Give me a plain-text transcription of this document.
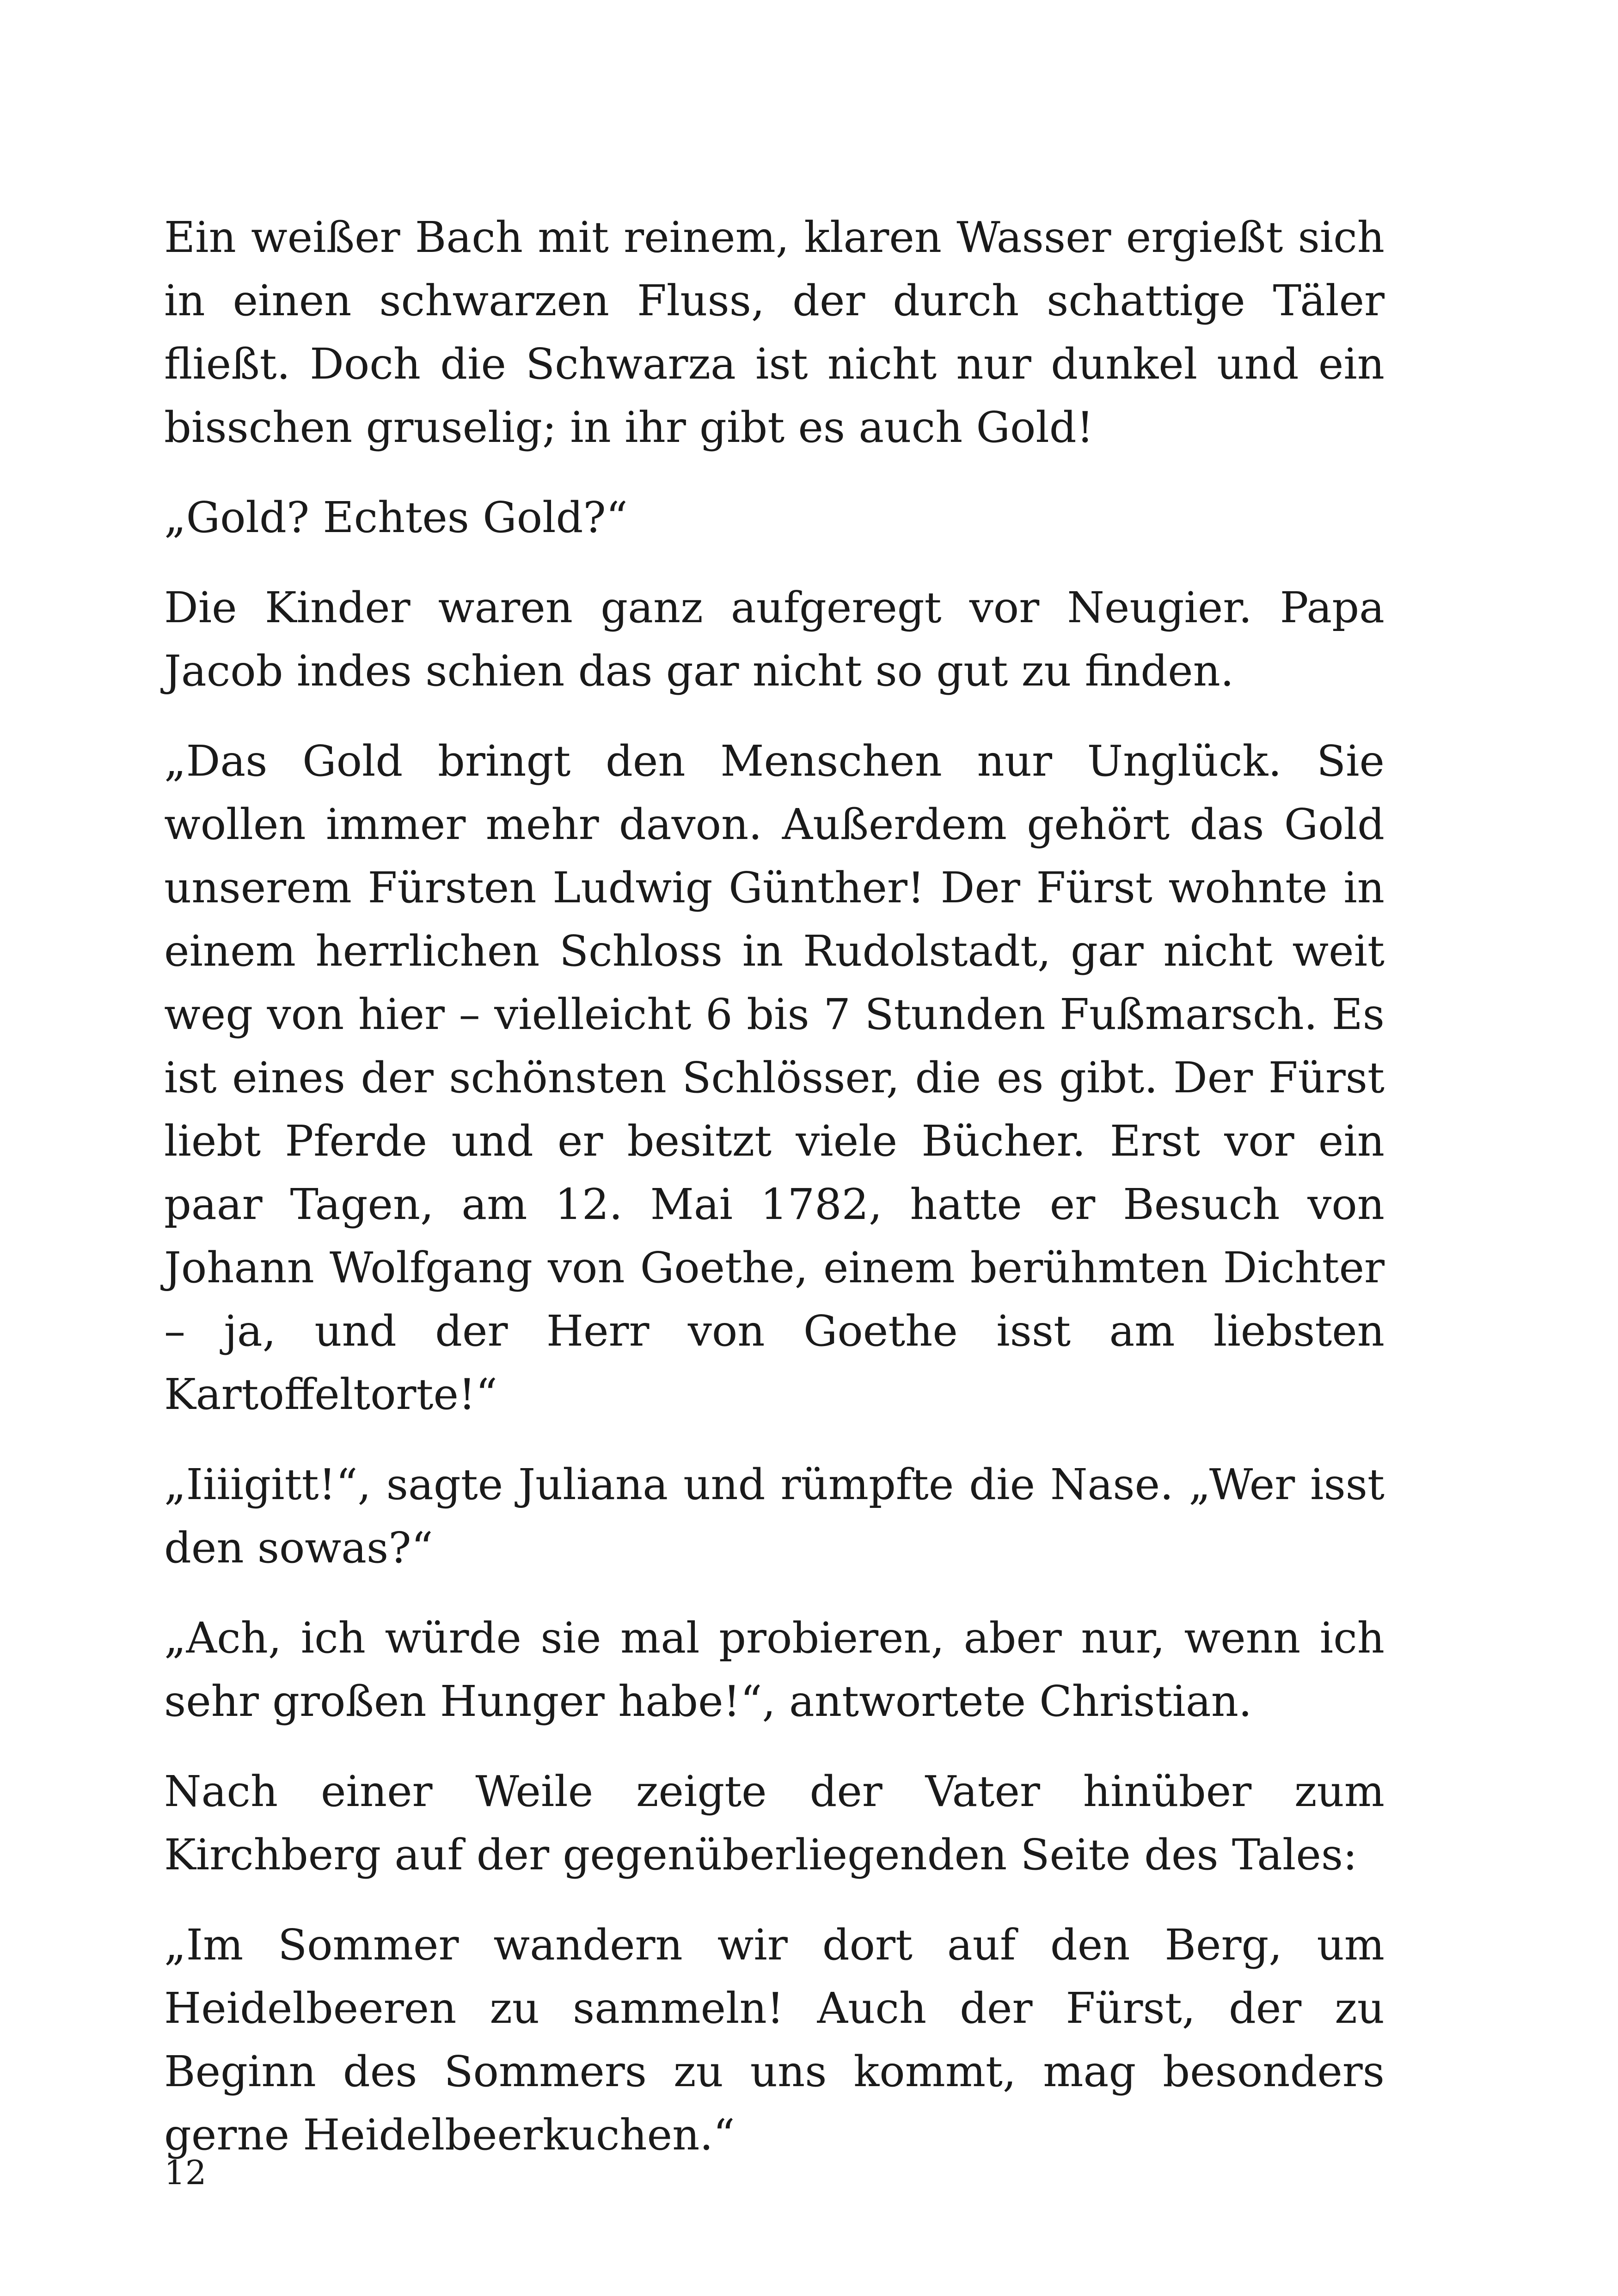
Ein weißer Bach mit reinem, klaren Wasser ergießt sich in einen schwarzen Fluss, der durch schattige Täler fließt. Doch die Schwarza ist nicht nur dunkel und ein bisschen gruselig; in ihr gibt es auch Gold!

„Gold? Echtes Gold?“

Die Kinder waren ganz aufgeregt vor Neugier. Papa Jacob indes schien das gar nicht so gut zu finden.

„Das Gold bringt den Menschen nur Unglück. Sie wollen immer mehr davon. Außerdem gehört das Gold unserem Fürsten Ludwig Günther! Der Fürst wohnte in einem herrlichen Schloss in Rudolstadt, gar nicht weit weg von hier – vielleicht 6 bis 7 Stunden Fußmarsch. Es ist eines der schönsten Schlösser, die es gibt. Der Fürst liebt Pferde und er besitzt viele Bücher. Erst vor ein paar Tagen, am 12. Mai 1782, hatte er Besuch von Johann Wolfgang von Goethe, einem berühmten Dichter – ja, und der Herr von Goethe isst am liebsten Kartoffeltorte!“

„Iiiigitt!“, sagte Juliana und rümpfte die Nase. „Wer isst den sowas?“

„Ach, ich würde sie mal probieren, aber nur, wenn ich sehr großen Hunger habe!“, antwortete Christian.

Nach einer Weile zeigte der Vater hinüber zum Kirchberg auf der gegenüberliegenden Seite des Tales:

„Im Sommer wandern wir dort auf den Berg, um Heidelbeeren zu sammeln! Auch der Fürst, der zu Beginn des Sommers zu uns kommt, mag besonders gerne Heidelbeerkuchen.“

12
